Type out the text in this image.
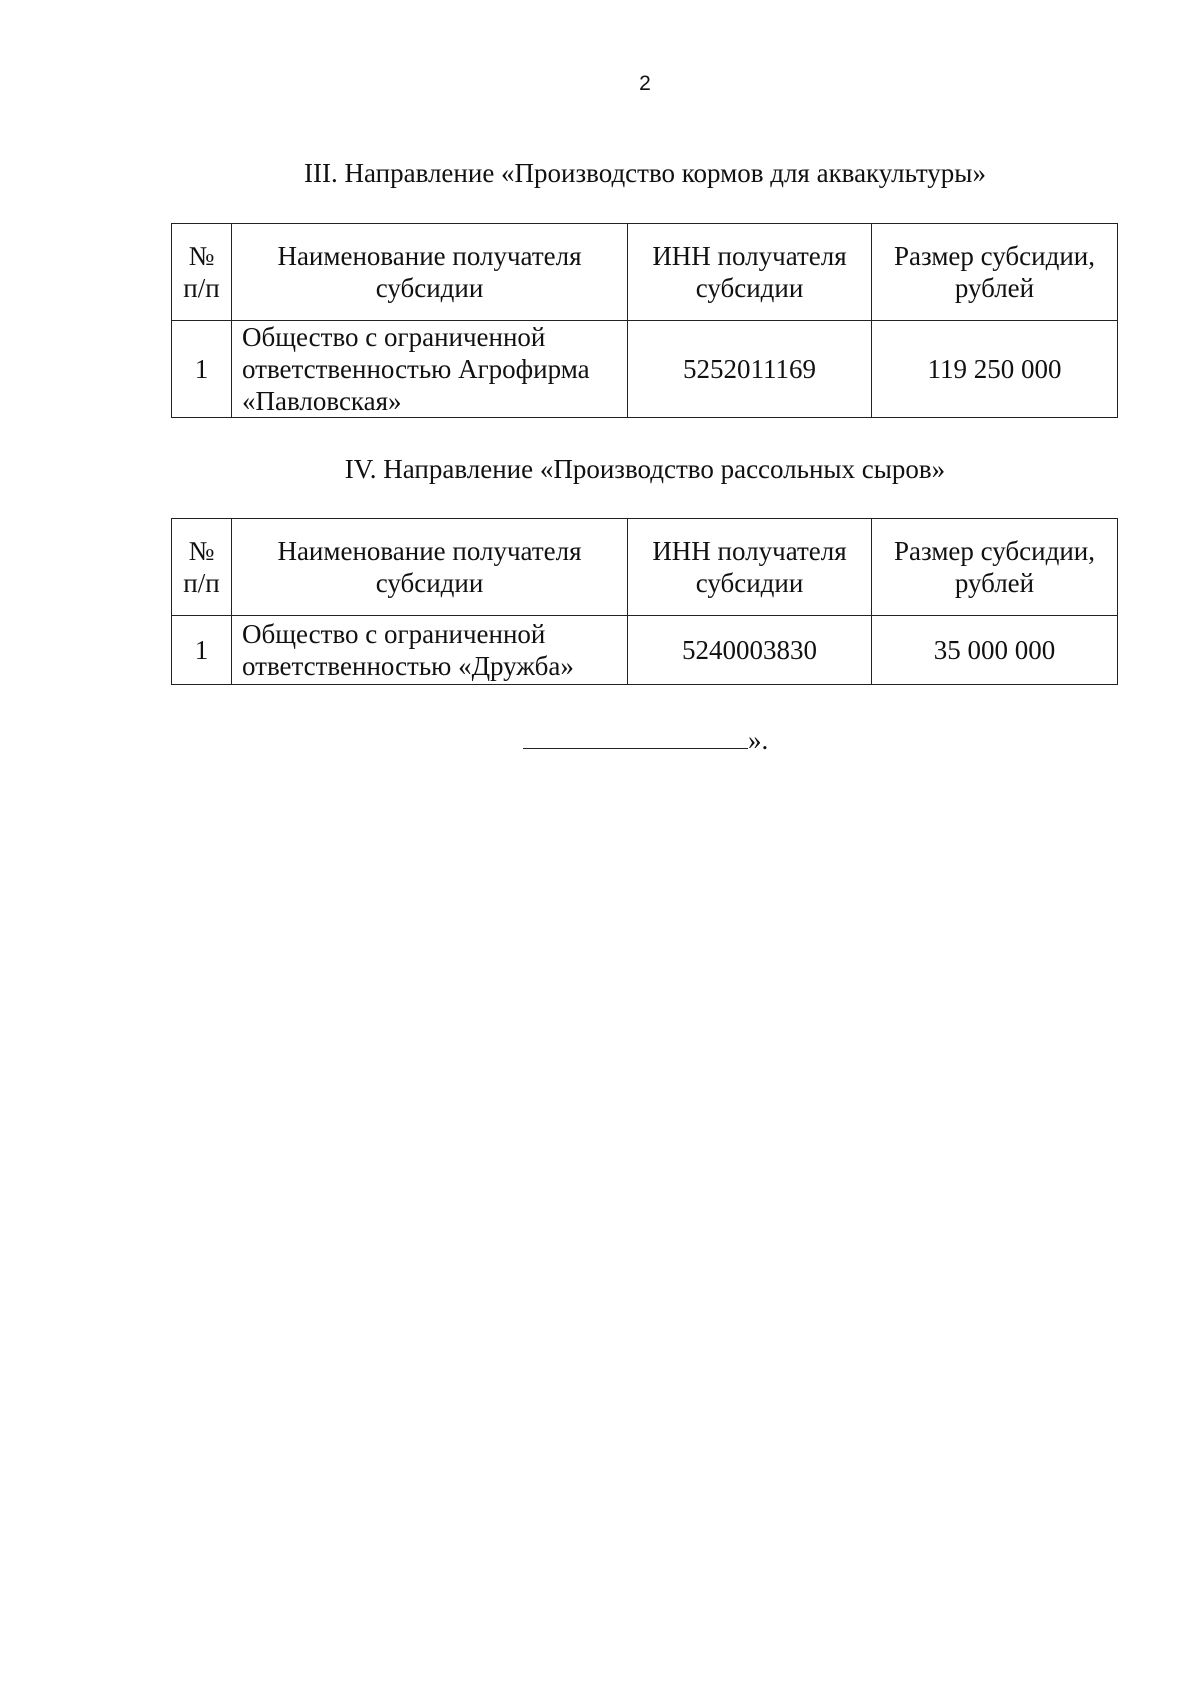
2
III. Направление «Производство кормов для аквакультуры»
№ п/п	Наименование получателя субсидии	ИНН получателя субсидии	Размер субсидии, рублей
1	Общество с ограниченной ответственностью Агрофирма «Павловская»	5252011169	119 250 000
IV. Направление «Производство рассольных сыров»
№ п/п	Наименование получателя субсидии	ИНН получателя субсидии	Размер субсидии, рублей
1	Общество с ограниченной ответственностью «Дружба»	5240003830	35 000 000
».
